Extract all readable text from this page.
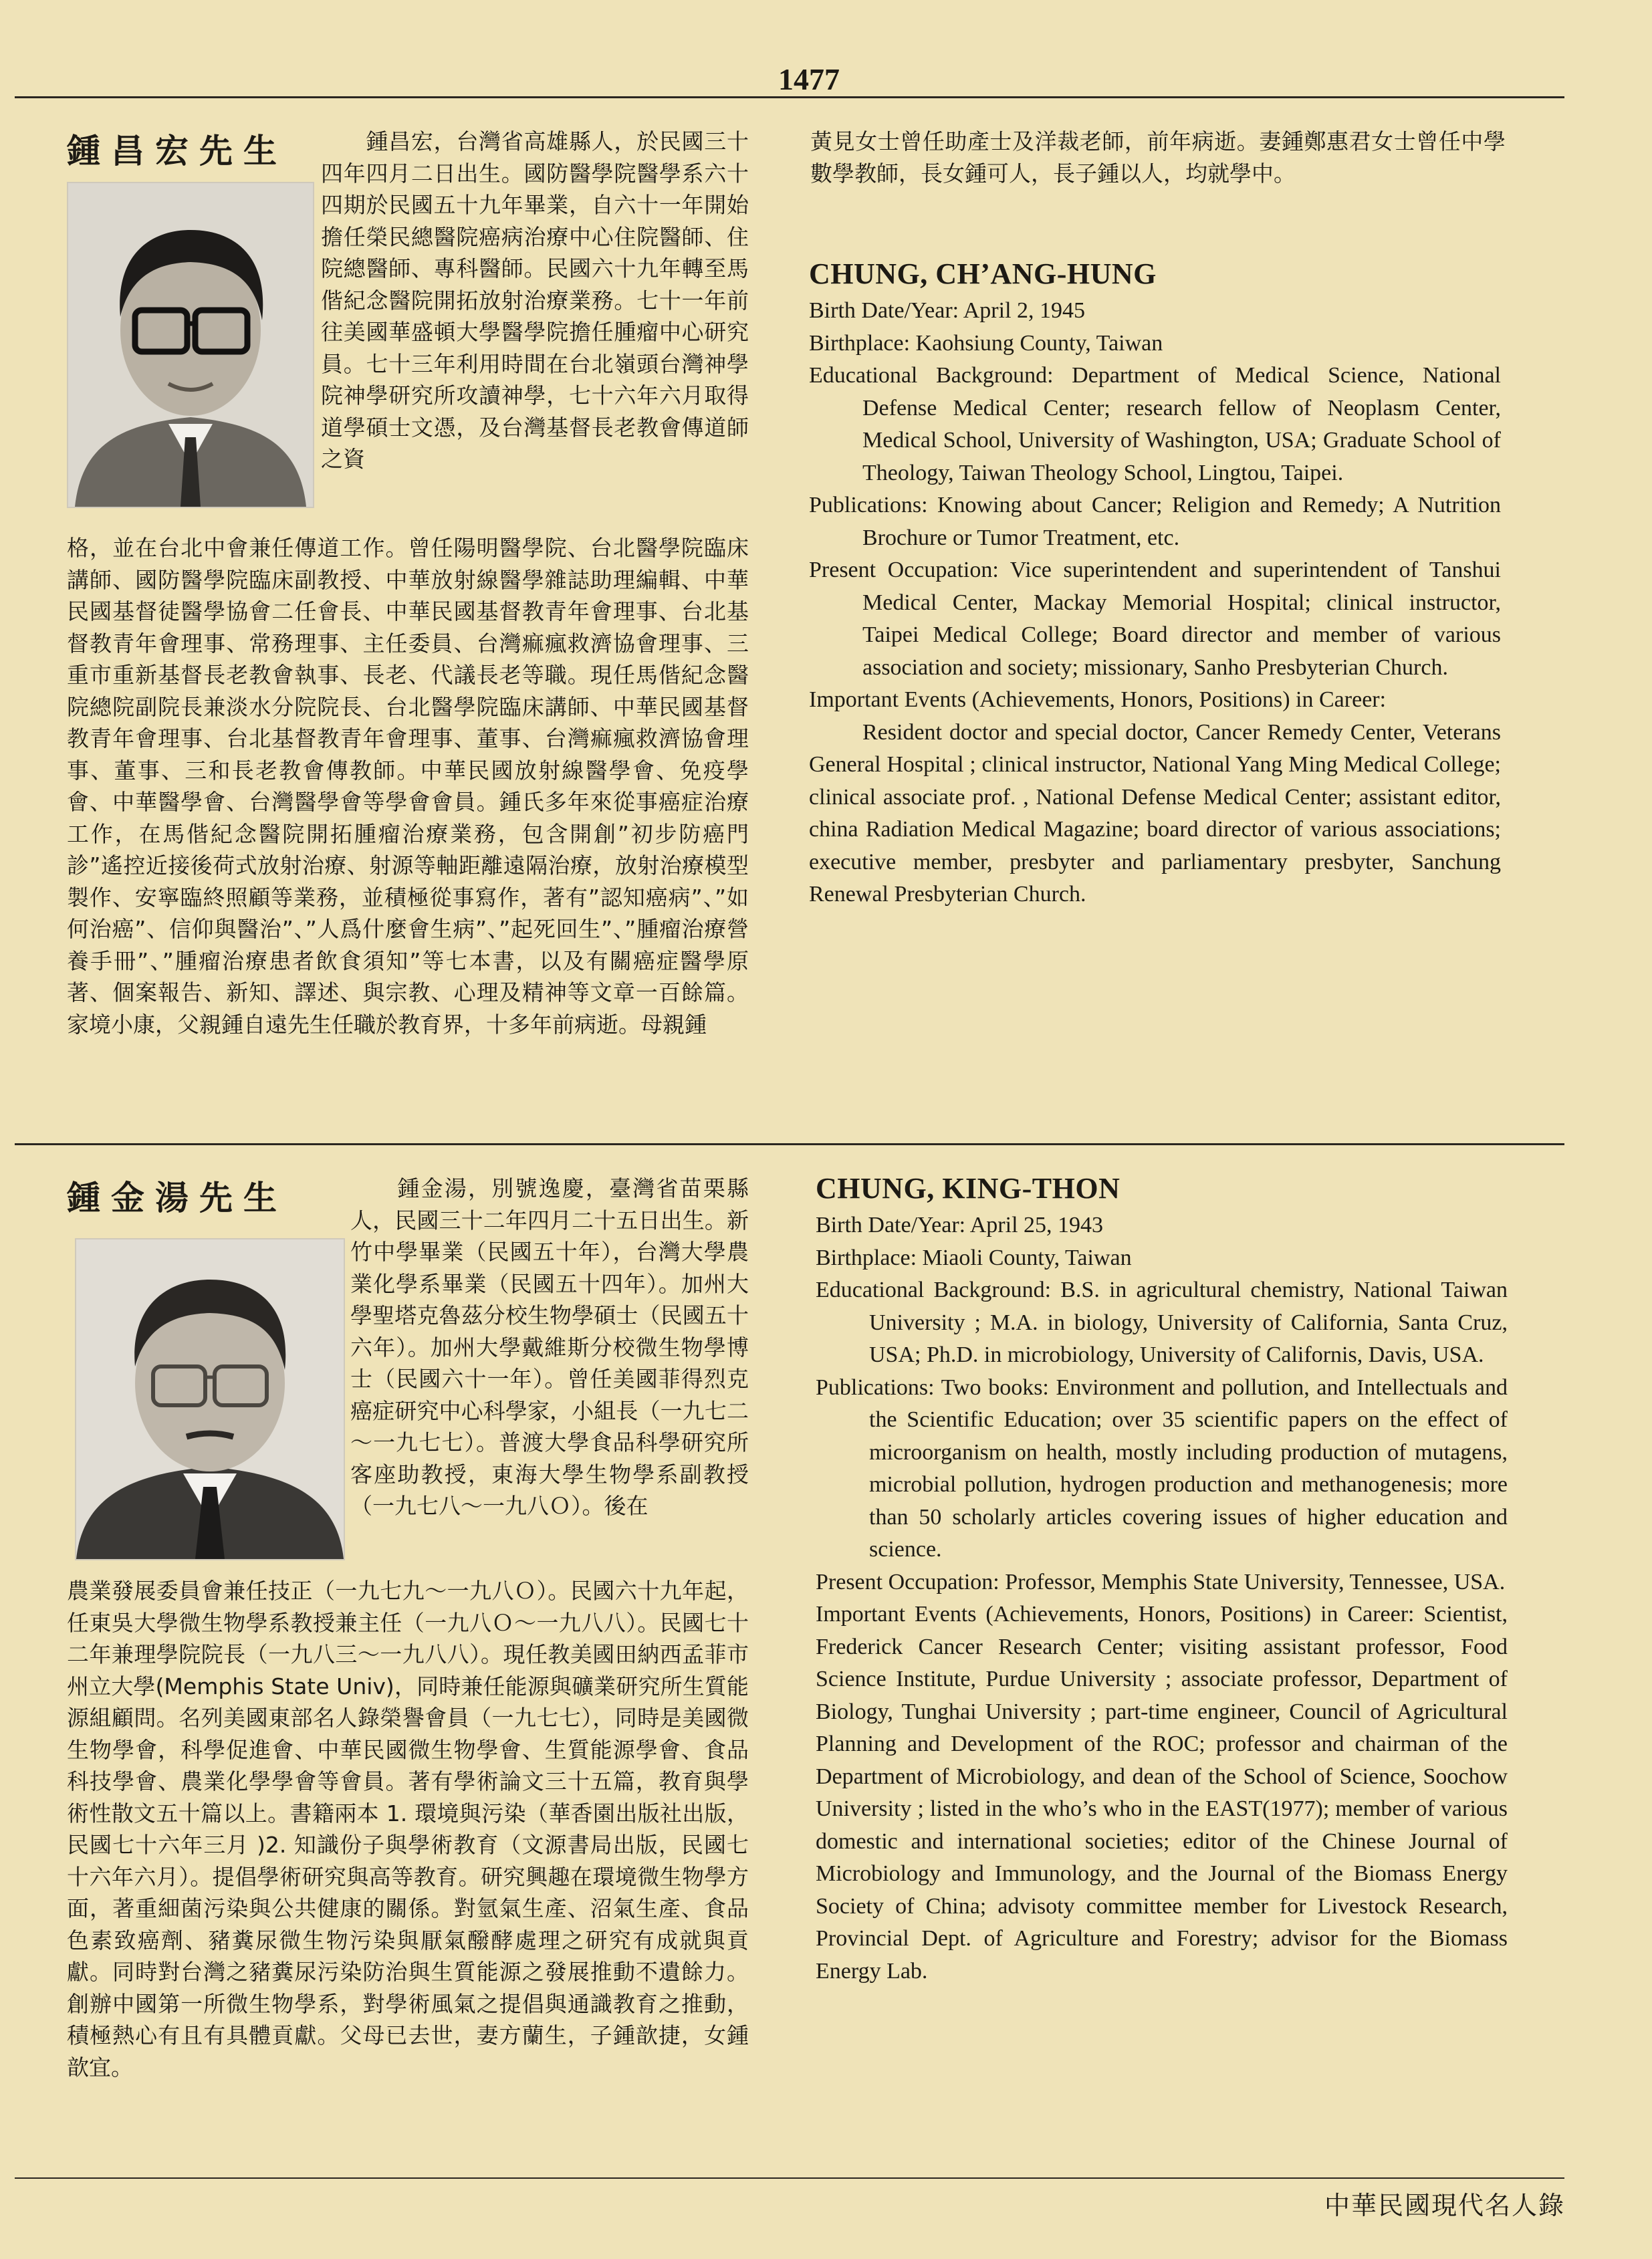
1477
鍾昌宏先生 　　鍾昌宏，台灣省高雄縣人，於民國三十四年四月二日出生。國防醫學院醫學系六十四期於民國五十九年畢業，自六十一年開始擔任榮民總醫院癌病治療中心住院醫師、住院總醫師、專科醫師。民國六十九年轉至馬偕紀念醫院開拓放射治療業務。七十一年前往美國華盛頓大學醫學院擔任腫瘤中心研究員。七十三年利用時間在台北嶺頭台灣神學院神學研究所攻讀神學，七十六年六月取得道學碩士文憑，及台灣基督長老教會傳道師之資

格，並在台北中會兼任傳道工作。曾任陽明醫學院、台北醫學院臨床講師、國防醫學院臨床副教授、中華放射線醫學雜誌助理編輯、中華民國基督徒醫學協會二任會長、中華民國基督教青年會理事、台北基督教青年會理事、常務理事、主任委員、台灣痲瘋救濟協會理事、三重市重新基督長老教會執事、長老、代議長老等職。現任馬偕紀念醫院總院副院長兼淡水分院院長、台北醫學院臨床講師、中華民國基督教青年會理事、台北基督教青年會理事、董事、台灣痲瘋救濟協會理事、董事、三和長老教會傳教師。中華民國放射線醫學會、免疫學會、中華醫學會、台灣醫學會等學會會員。鍾氏多年來從事癌症治療工作，在馬偕紀念醫院開拓腫瘤治療業務，包含開創”初步防癌門診”遙控近接後荷式放射治療、射源等軸距離遠隔治療，放射治療模型製作、安寧臨終照顧等業務，並積極從事寫作，著有”認知癌病”、”如何治癌”、信仰與醫治”、”人爲什麼會生病”、”起死回生”、”腫瘤治療營養手冊”、”腫瘤治療患者飲食須知”等七本書，以及有關癌症醫學原著、個案報告、新知、譯述、與宗教、心理及精神等文章一百餘篇。家境小康，父親鍾自遠先生任職於教育界，十多年前病逝。母親鍾

黃見女士曾任助產士及洋裁老師，前年病逝。妻鍾鄭惠君女士曾任中學數學教師，長女鍾可人，長子鍾以人，均就學中。

CHUNG, CH’ANG-HUNG

Birth Date/Year: April 2, 1945

Birthplace: Kaohsiung County, Taiwan

Educational Background: Department of Medical Science, National Defense Medical Center; research fellow of Neoplasm Center, Medical School, University of Washington, USA; Graduate School of Theology, Taiwan Theology School, Lingtou, Taipei.

Publications: Knowing about Cancer; Religion and Remedy; A Nutrition Brochure or Tumor Treatment, etc.

Present Occupation: Vice superintendent and superintendent of Tanshui Medical Center, Mackay Memorial Hospital; clinical instructor, Taipei Medical College; Board director and member of various association and society; missionary, Sanho Presbyterian Church.

Important Events (Achievements, Honors, Positions) in Career:

Resident doctor and special doctor, Cancer Remedy Center, Veterans General Hospital ; clinical instructor, National Yang Ming Medical College; clinical associate prof. , National Defense Medical Center; assistant editor, china Radiation Medical Magazine; board director of various associations; executive member, presbyter and parliamentary presbyter, Sanchung Renewal Presbyterian Church.

鍾金湯先生	　　鍾金湯，別號逸慶，臺灣省苗栗縣人，民國三十二年四月二十五日出生。新竹中學畢業（民國五十年），台灣大學農業化學系畢業（民國五十四年）。加州大學聖塔克魯茲分校生物學碩士（民國五十六年）。加州大學戴維斯分校微生物學博士（民國六十一年）。曾任美國菲得烈克癌症研究中心科學家，小組長（一九七二～一九七七）。普渡大學食品科學研究所客座助教授，東海大學生物學系副教授（一九七八～一九八Ｏ）。後在

農業發展委員會兼任技正（一九七九～一九八Ｏ）。民國六十九年起，任東吳大學微生物學系教授兼主任（一九八Ｏ～一九八八）。民國七十二年兼理學院院長（一九八三～一九八八）。現任教美國田納西孟菲市州立大學(Memphis State Univ)，同時兼任能源與礦業研究所生質能源組顧問。名列美國東部名人錄榮譽會員（一九七七），同時是美國微生物學會，科學促進會、中華民國微生物學會、生質能源學會、食品科技學會、農業化學學會等會員。著有學術論文三十五篇，教育與學術性散文五十篇以上。書籍兩本 1. 環境與污染（華香園出版社出版，民國七十六年三月 )2. 知識份子與學術教育（文源書局出版，民國七十六年六月）。提倡學術研究與高等教育。研究興趣在環境微生物學方面，著重細菌污染與公共健康的關係。對氫氣生產、沼氣生產、食品色素致癌劑、豬糞尿微生物污染與厭氣醱酵處理之研究有成就與貢獻。同時對台灣之豬糞尿污染防治與生質能源之發展推動不遺餘力。創辦中國第一所微生物學系，對學術風氣之提倡與通識教育之推動，積極熱心有且有具體貢獻。父母已去世，妻方蘭生，子鍾歆捷，女鍾歆宜。

CHUNG, KING-THON

Birth Date/Year: April 25, 1943

Birthplace: Miaoli County, Taiwan

Educational Background: B.S. in agricultural chemistry, National Taiwan University ; M.A. in biology, University of California, Santa Cruz, USA; Ph.D. in microbiology, University of Californis, Davis, USA.

Publications: Two books: Environment and pollution, and Intellectuals and the Scientific Education; over 35 scientific papers on the effect of microorganism on health, mostly including production of mutagens, microbial pollution, hydrogen production and methanogenesis; more than 50 scholarly articles covering issues of higher education and science.

Present Occupation: Professor, Memphis State University, Tennessee, USA.

Important Events (Achievements, Honors, Positions) in Career: Scientist, Frederick Cancer Research Center; visiting assistant professor, Food Science Institute, Purdue University ; associate professor, Department of Biology, Tunghai University ; part-time engineer, Council of Agricultural Planning and Development of the ROC; professor and chairman of the Department of Microbiology, and dean of the School of Science, Soochow University ; listed in the who’s who in the EAST(1977); member of various domestic and international societies; editor of the Chinese Journal of Microbiology and Immunology, and the Journal of the Biomass Energy Society of China; advisoty committee member for Livestock Research, Provincial Dept. of Agriculture and Forestry; advisor for the Biomass Energy Lab.

中華民國現代名人錄
